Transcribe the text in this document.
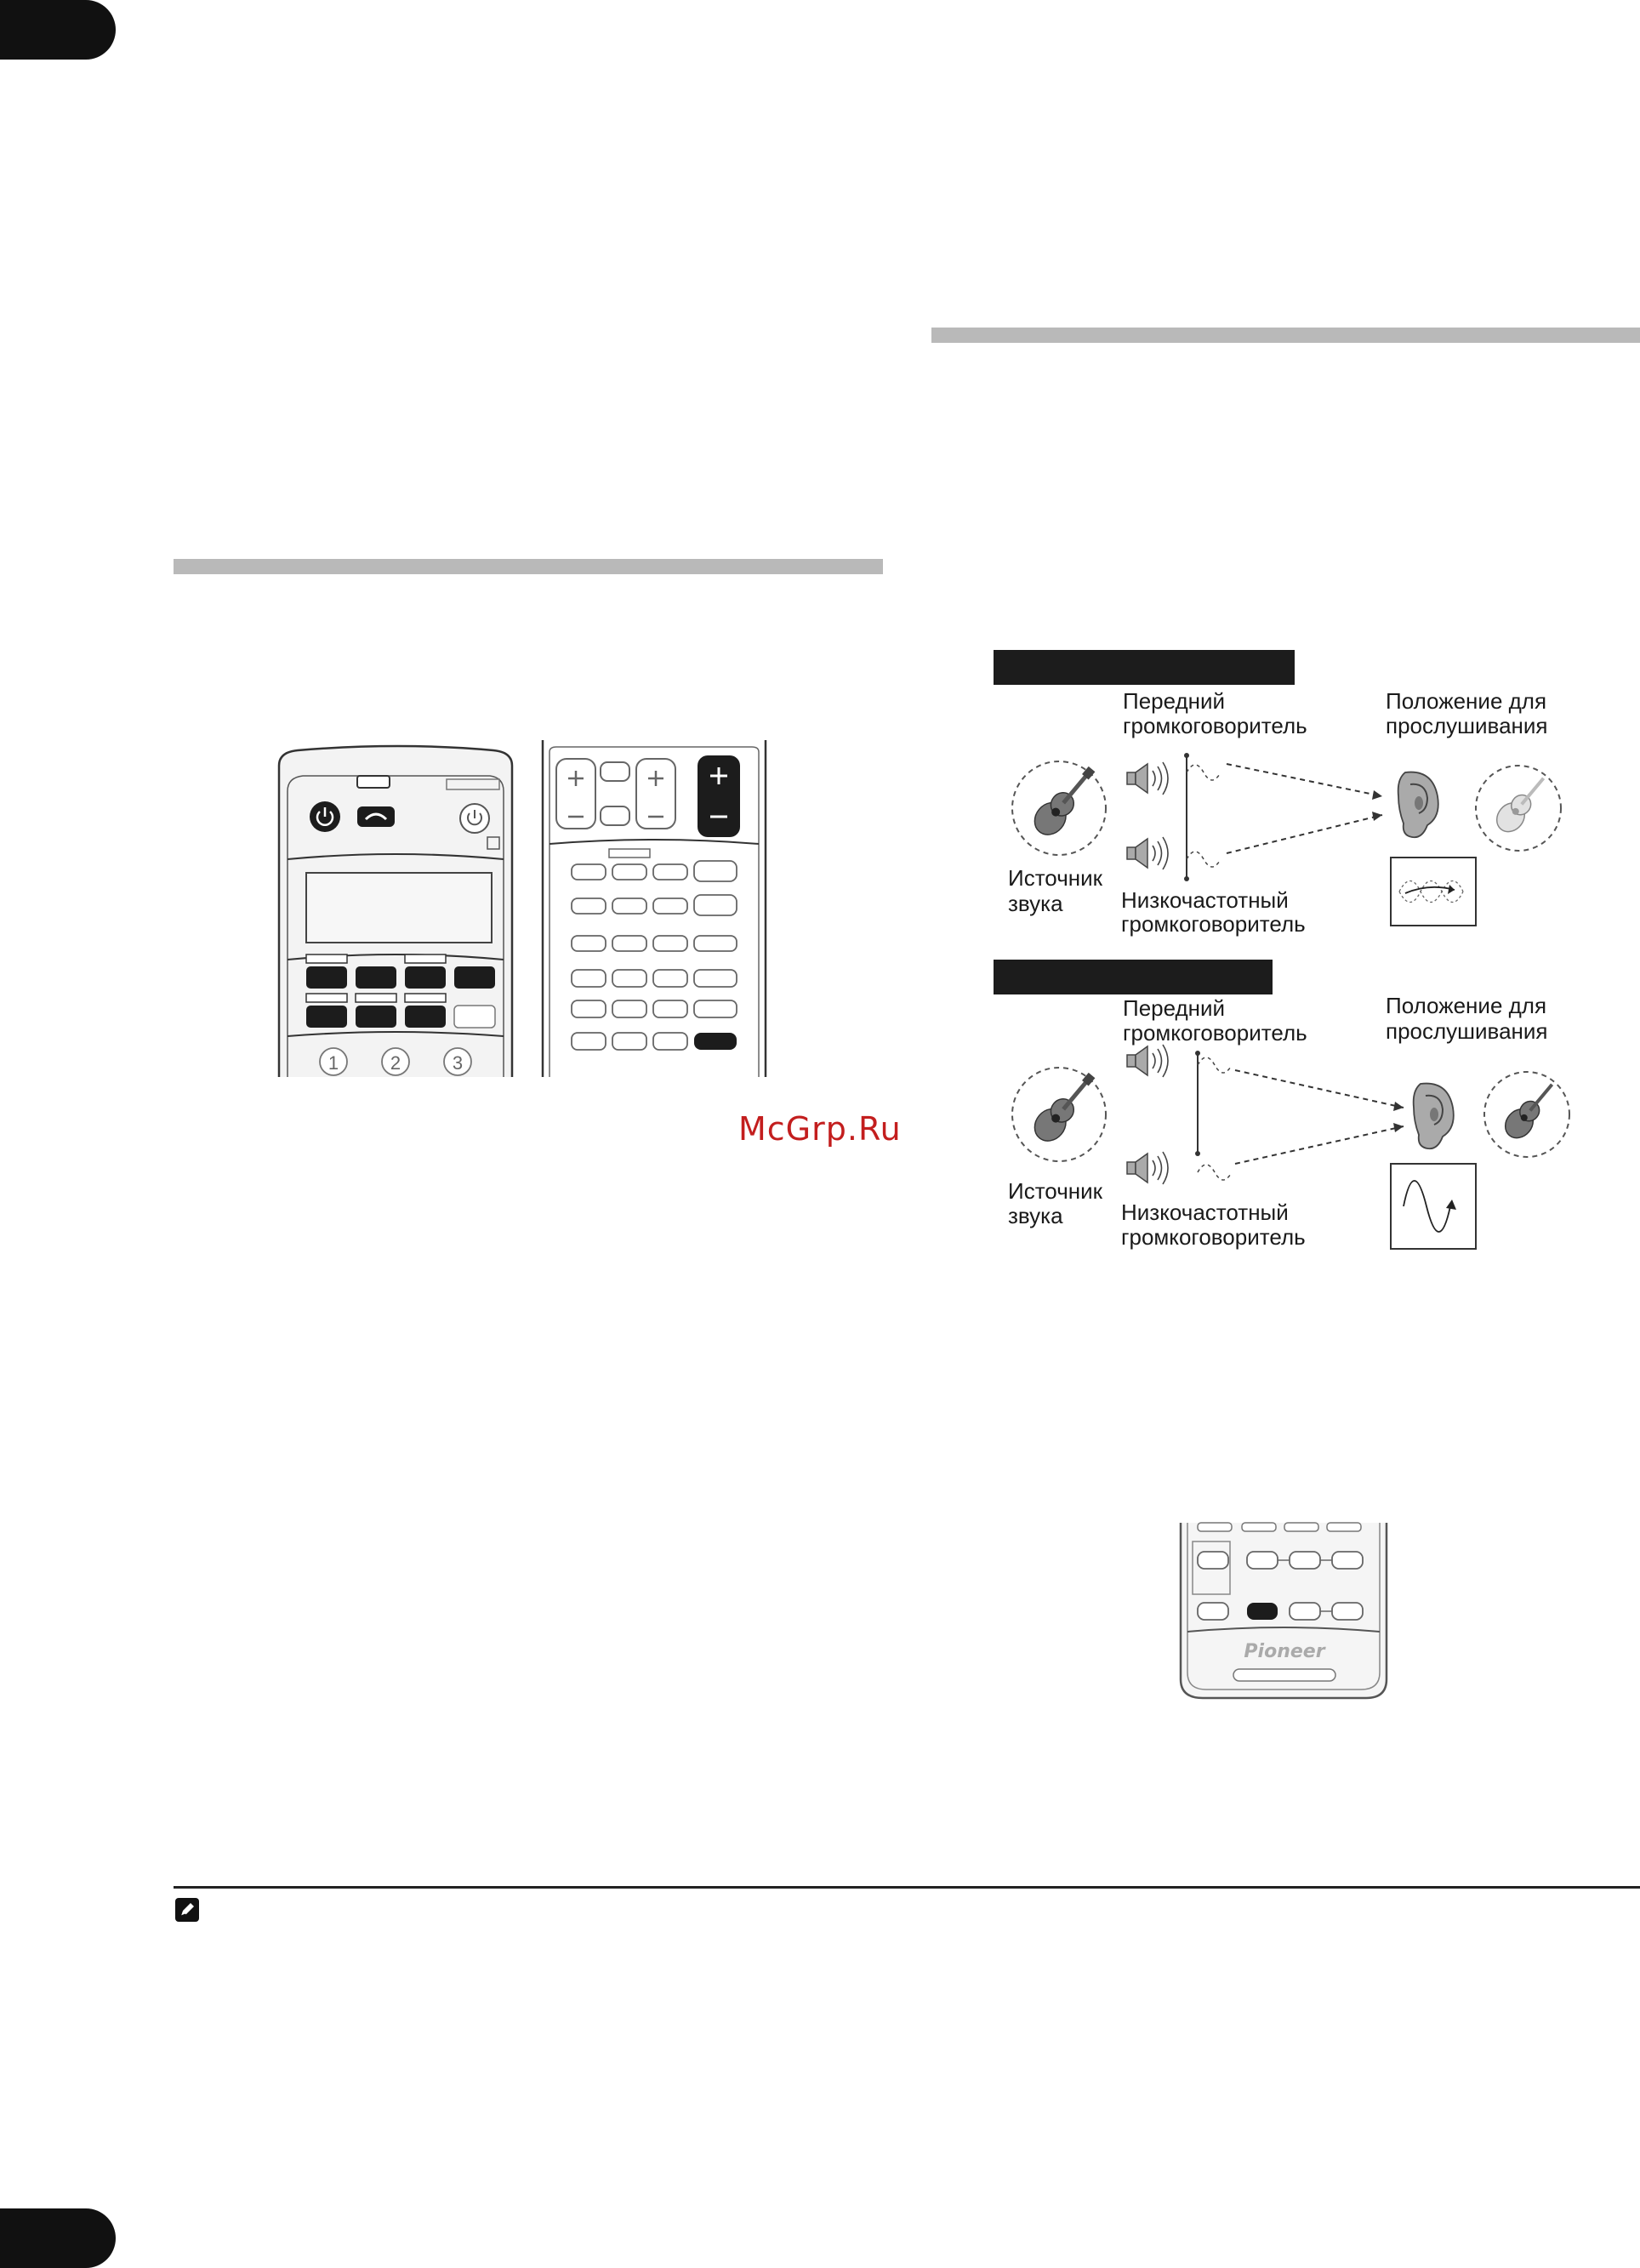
1	2	3
McGrp.Ru
Передний
громкоговоритель
Положение для
прослушивания
Источник
звука	Низкочастотный
громкоговоритель
Передний
громкоговоритель
Положение для
прослушивания
Источник
звука	Низкочастотный
громкоговоритель
Pioneer
